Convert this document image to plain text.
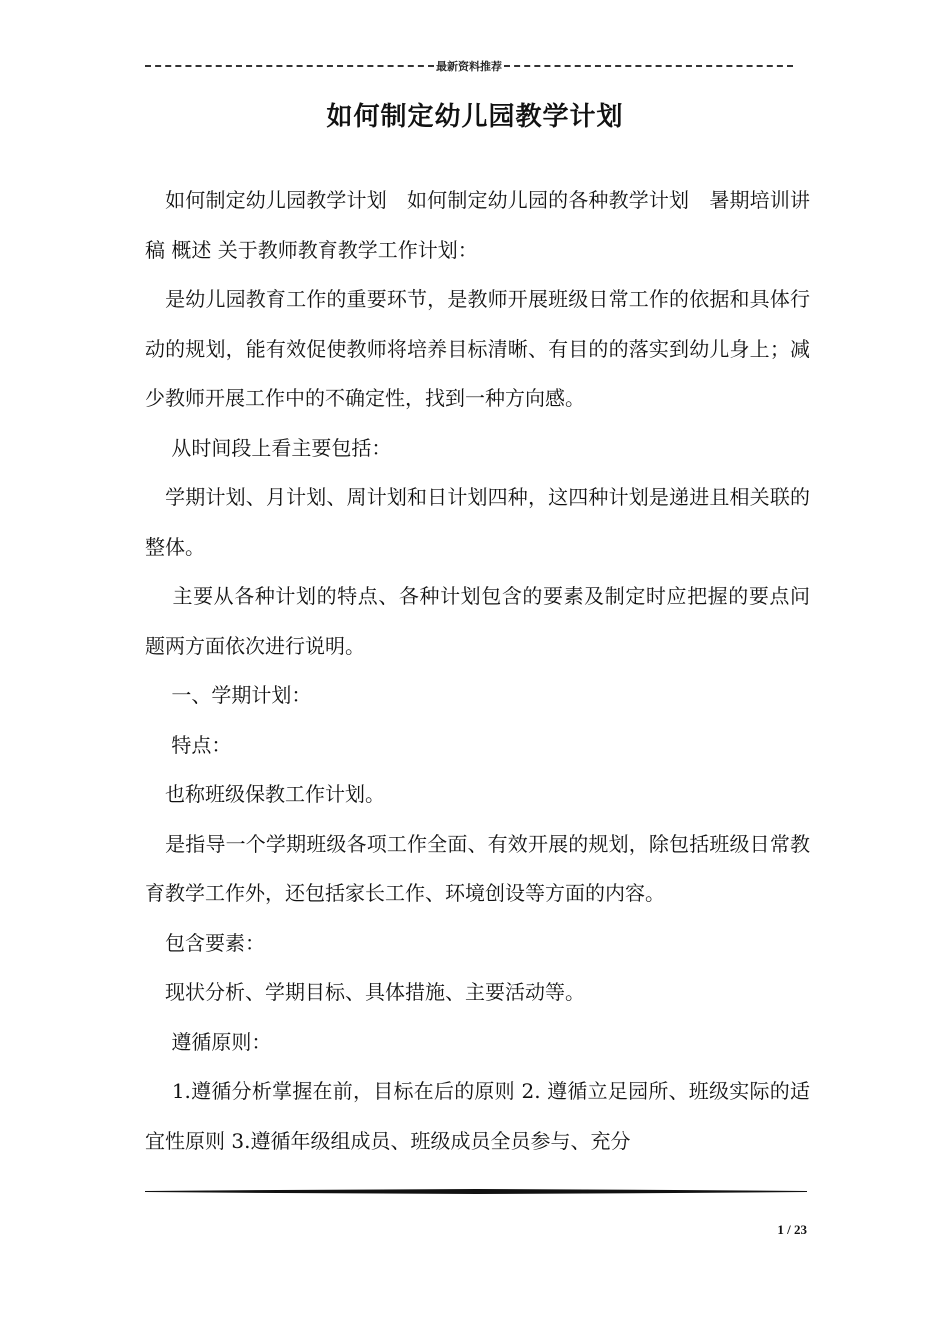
最新资料推荐
如何制定幼儿园教学计划

　如何制定幼儿园教学计划　如何制定幼儿园的各种教学计划　暑期培训讲稿 概述 关于教师教育教学工作计划：

　是幼儿园教育工作的重要环节，是教师开展班级日常工作的依据和具体行动的规划，能有效促使教师将培养目标清晰、有目的的落实到幼儿身上；减少教师开展工作中的不确定性，找到一种方向感。

　 从时间段上看主要包括：

　学期计划、月计划、周计划和日计划四种，这四种计划是递进且相关联的整体。

　 主要从各种计划的特点、各种计划包含的要素及制定时应把握的要点问题两方面依次进行说明。

　 一、学期计划：

　 特点：

　也称班级保教工作计划。

　是指导一个学期班级各项工作全面、有效开展的规划，除包括班级日常教育教学工作外，还包括家长工作、环境创设等方面的内容。

　包含要素：

　现状分析、学期目标、具体措施、主要活动等。

　 遵循原则：

　 1.遵循分析掌握在前，目标在后的原则 2. 遵循立足园所、班级实际的适宜性原则 3.遵循年级组成员、班级成员全员参与、充分

1 / 23
